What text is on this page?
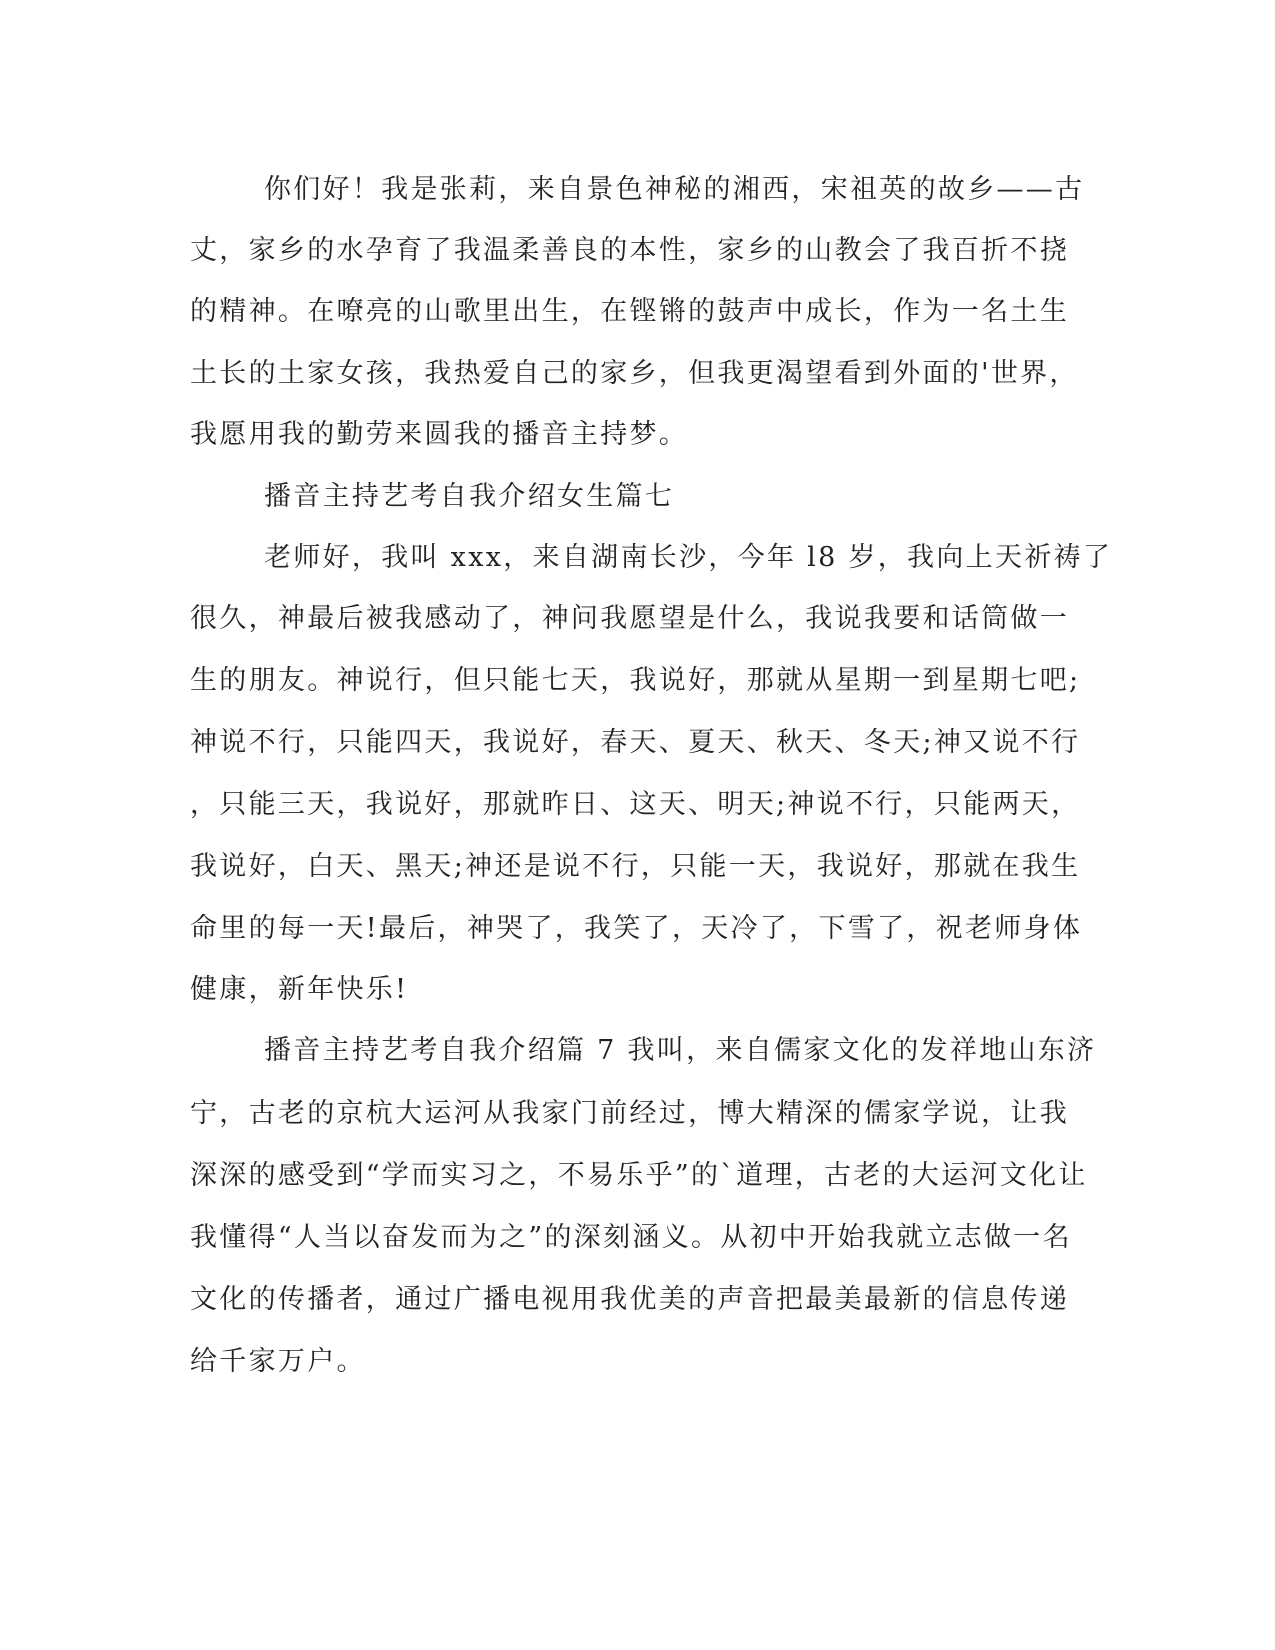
你们好！我是张莉，来自景色神秘的湘西，宋祖英的故乡——古
丈，家乡的水孕育了我温柔善良的本性，家乡的山教会了我百折不挠
的精神。在嘹亮的山歌里出生，在铿锵的鼓声中成长，作为一名土生
土长的土家女孩，我热爱自己的家乡，但我更渴望看到外面的'世界，
我愿用我的勤劳来圆我的播音主持梦。
播音主持艺考自我介绍女生篇七
老师好，我叫 xxx，来自湖南长沙，今年 l8 岁，我向上天祈祷了
很久，神最后被我感动了，神问我愿望是什么，我说我要和话筒做一
生的朋友。神说行，但只能七天，我说好，那就从星期一到星期七吧;
神说不行，只能四天，我说好，春天、夏天、秋天、冬天;神又说不行
，只能三天，我说好，那就昨日、这天、明天;神说不行，只能两天，
我说好，白天、黑天;神还是说不行，只能一天，我说好，那就在我生
命里的每一天!最后，神哭了，我笑了，天冷了，下雪了，祝老师身体
健康，新年快乐!
播音主持艺考自我介绍篇 7 我叫，来自儒家文化的发祥地山东济
宁，古老的京杭大运河从我家门前经过，博大精深的儒家学说，让我
深深的感受到“学而实习之，不易乐乎”的`道理，古老的大运河文化让
我懂得“人当以奋发而为之”的深刻涵义。从初中开始我就立志做一名
文化的传播者，通过广播电视用我优美的声音把最美最新的信息传递
给千家万户。
